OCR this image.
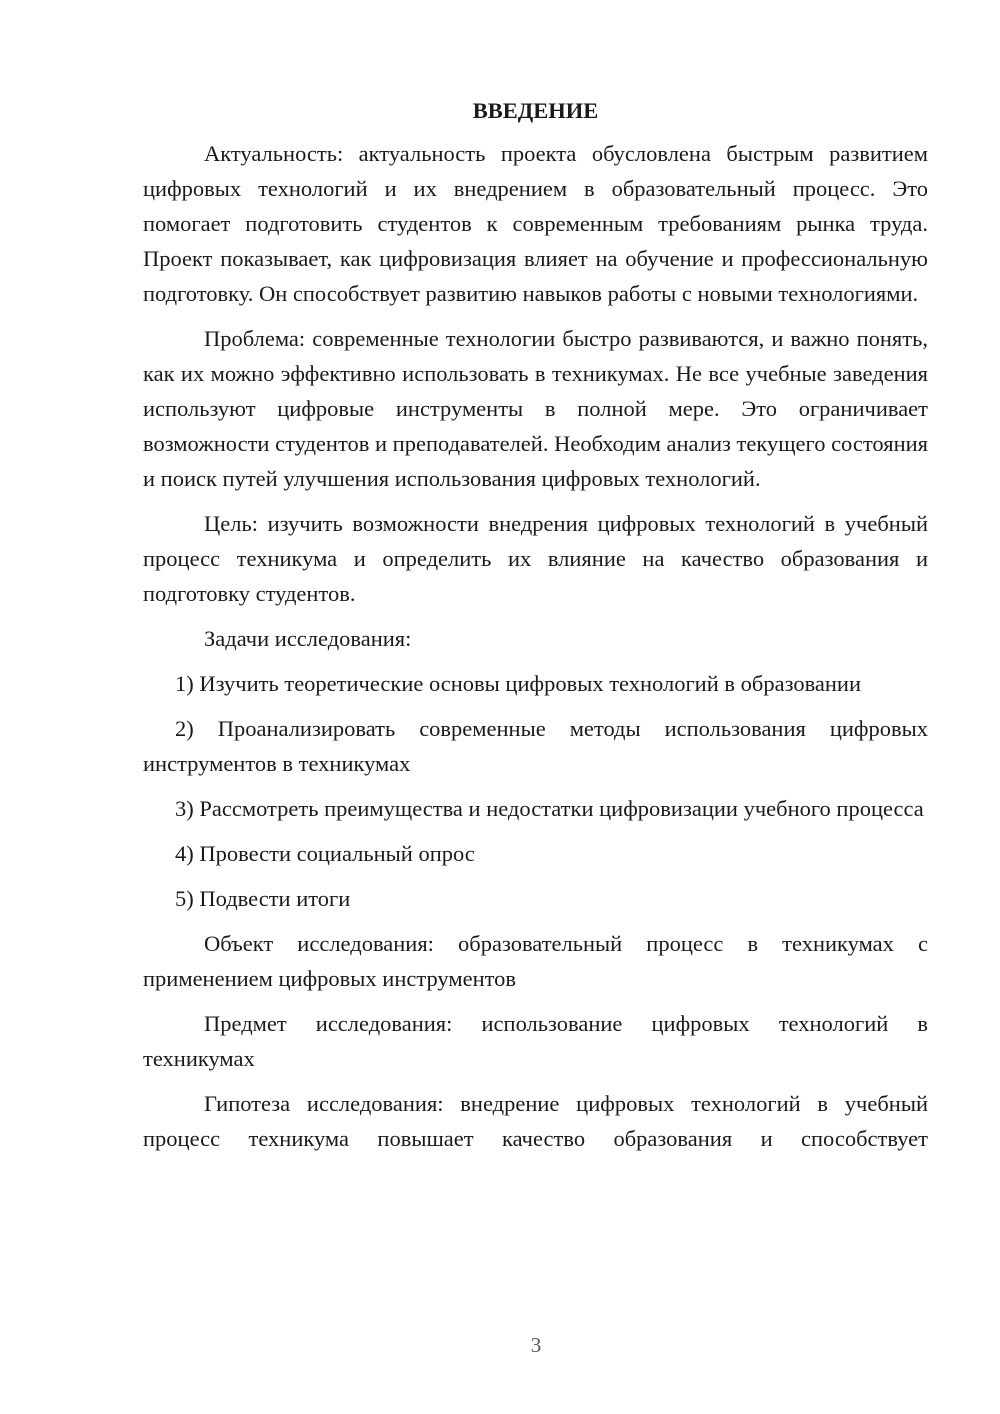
ВВЕДЕНИЕ

Актуальность: актуальность проекта обусловлена быстрым развитием цифровых технологий и их внедрением в образовательный процесс. Это помогает подготовить студентов к современным требованиям рынка труда. Проект показывает, как цифровизация влияет на обучение и профессиональную подготовку. Он способствует развитию навыков работы с новыми технологиями.

Проблема: современные технологии быстро развиваются, и важно понять, как их можно эффективно использовать в техникумах. Не все учебные заведения используют цифровые инструменты в полной мере. Это ограничивает возможности студентов и преподавателей. Необходим анализ текущего состояния и поиск путей улучшения использования цифровых технологий.

Цель: изучить возможности внедрения цифровых технологий в учебный процесс техникума и определить их влияние на качество образования и подготовку студентов.

Задачи исследования:

1) Изучить теоретические основы цифровых технологий в образовании

2) Проанализировать современные методы использования цифровых инструментов в техникумах

3) Рассмотреть преимущества и недостатки цифровизации учебного процесса

4) Провести социальный опрос

5) Подвести итоги

Объект исследования: образовательный процесс в техникумах с применением цифровых инструментов

Предмет исследования: использование цифровых технологий в техникумах

Гипотеза исследования: внедрение цифровых технологий в учебный процесс техникума повышает качество образования и способствует

3
